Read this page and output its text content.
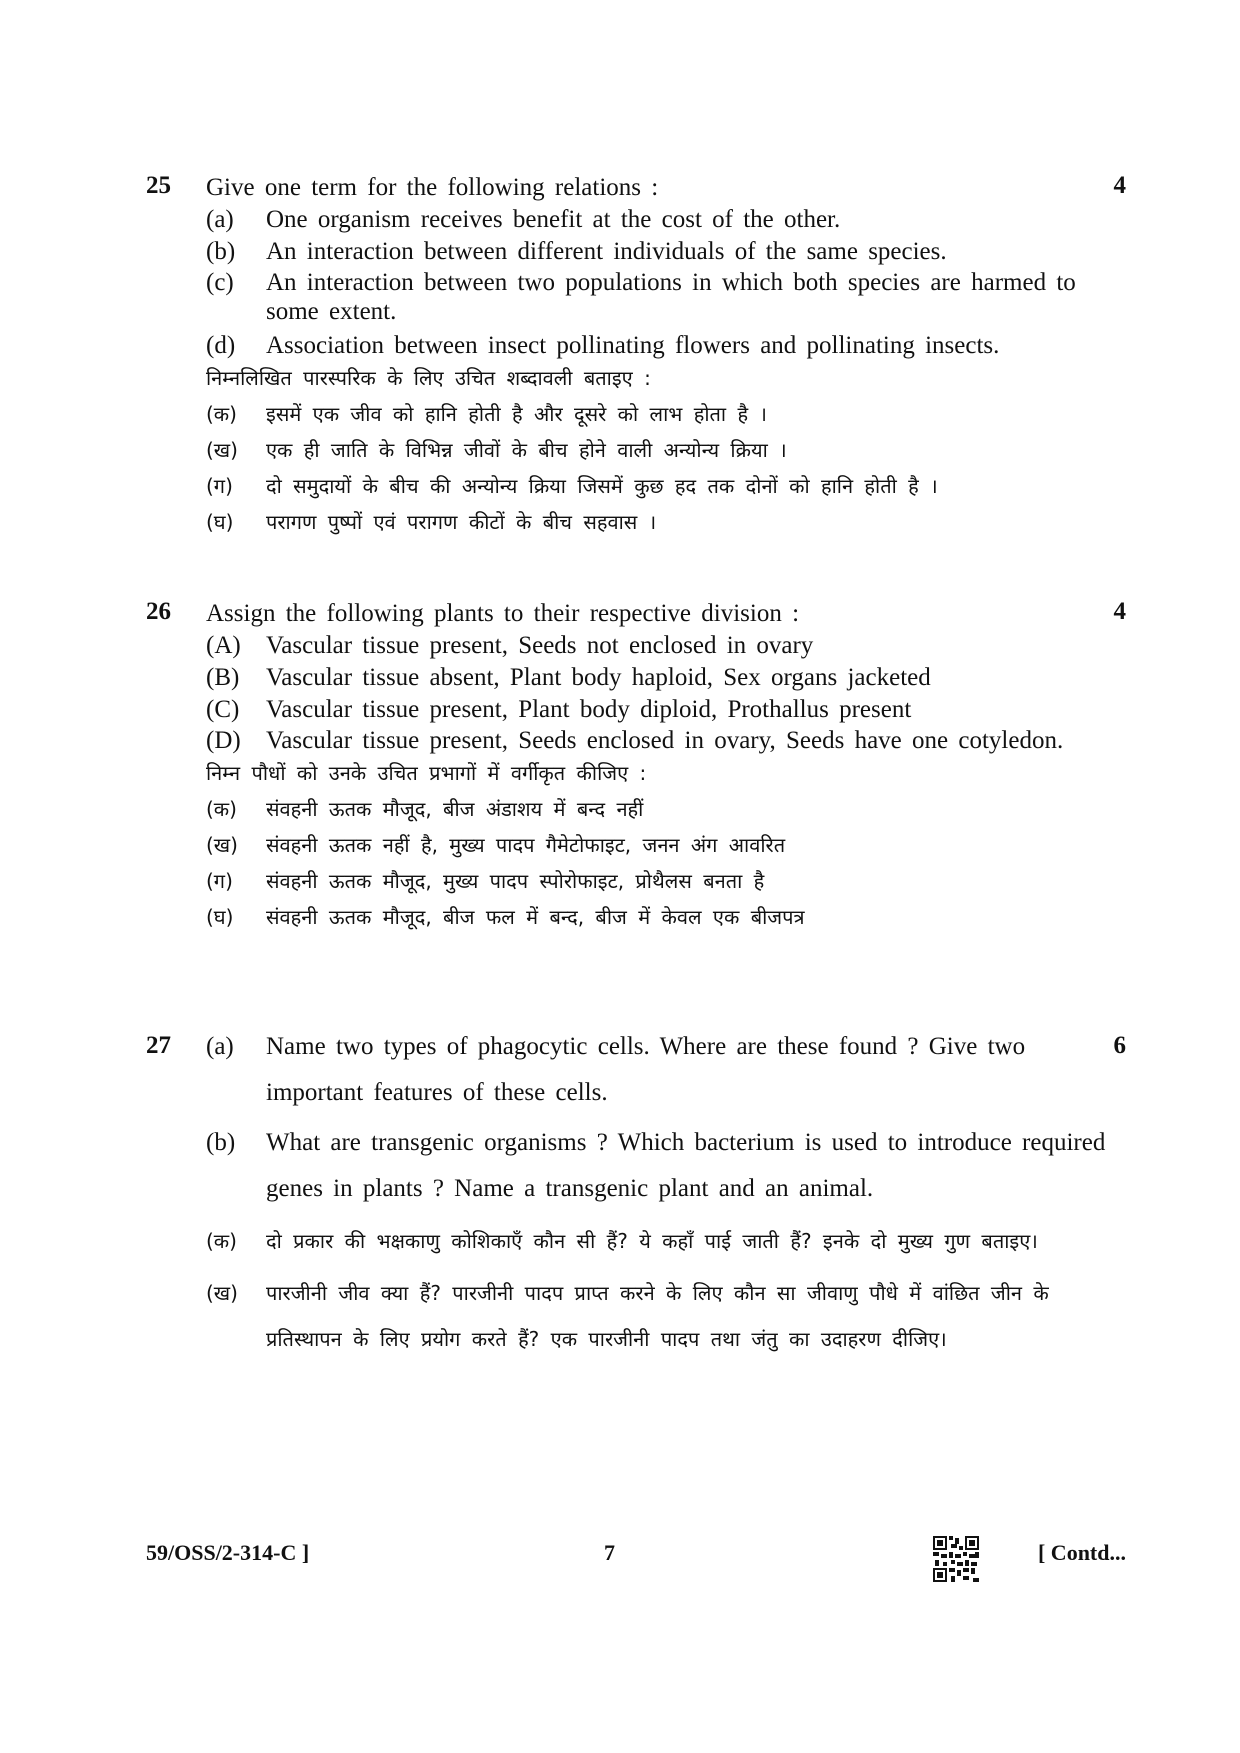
25	4
Give one term for the following relations :
(a) One organism receives benefit at the cost of the other.
(b) An interaction between different individuals of the same species.
(c) An interaction between two populations in which both species are harmed to some extent.
(d) Association between insect pollinating flowers and pollinating insects.
निम्नलिखित पारस्परिक के लिए उचित शब्दावली बताइए :
(क) इसमें एक जीव को हानि होती है और दूसरे को लाभ होता है ।
(ख) एक ही जाति के विभिन्न जीवों के बीच होने वाली अन्योन्य क्रिया ।
(ग) दो समुदायों के बीच की अन्योन्य क्रिया जिसमें कुछ हद तक दोनों को हानि होती है ।
(घ) परागण पुष्पों एवं परागण कीटों के बीच सहवास ।
26	4
Assign the following plants to their respective division :
(A) Vascular tissue present, Seeds not enclosed in ovary
(B) Vascular tissue absent, Plant body haploid, Sex organs jacketed
(C) Vascular tissue present, Plant body diploid, Prothallus present
(D) Vascular tissue present, Seeds enclosed in ovary, Seeds have one cotyledon.
निम्न पौधों को उनके उचित प्रभागों में वर्गीकृत कीजिए :
(क) संवहनी ऊतक मौजूद, बीज अंडाशय में बन्द नहीं
(ख) संवहनी ऊतक नहीं है, मुख्य पादप गैमेटोफाइट, जनन अंग आवरित
(ग) संवहनी ऊतक मौजूद, मुख्य पादप स्पोरोफाइट, प्रोथैलस बनता है
(घ) संवहनी ऊतक मौजूद, बीज फल में बन्द, बीज में केवल एक बीजपत्र
27	6
(a) Name two types of phagocytic cells. Where are these found ? Give two important features of these cells.
(b) What are transgenic organisms ? Which bacterium is used to introduce required genes in plants ? Name a transgenic plant and an animal.
(क) दो प्रकार की भक्षकाणु कोशिकाएँ कौन सी हैं? ये कहाँ पाई जाती हैं? इनके दो मुख्य गुण बताइए।
(ख) पारजीनी जीव क्या हैं? पारजीनी पादप प्राप्त करने के लिए कौन सा जीवाणु पौधे में वांछित जीन के प्रतिस्थापन के लिए प्रयोग करते हैं? एक पारजीनी पादप तथा जंतु का उदाहरण दीजिए।
59/OSS/2-314-C ]	7	[ Contd...
